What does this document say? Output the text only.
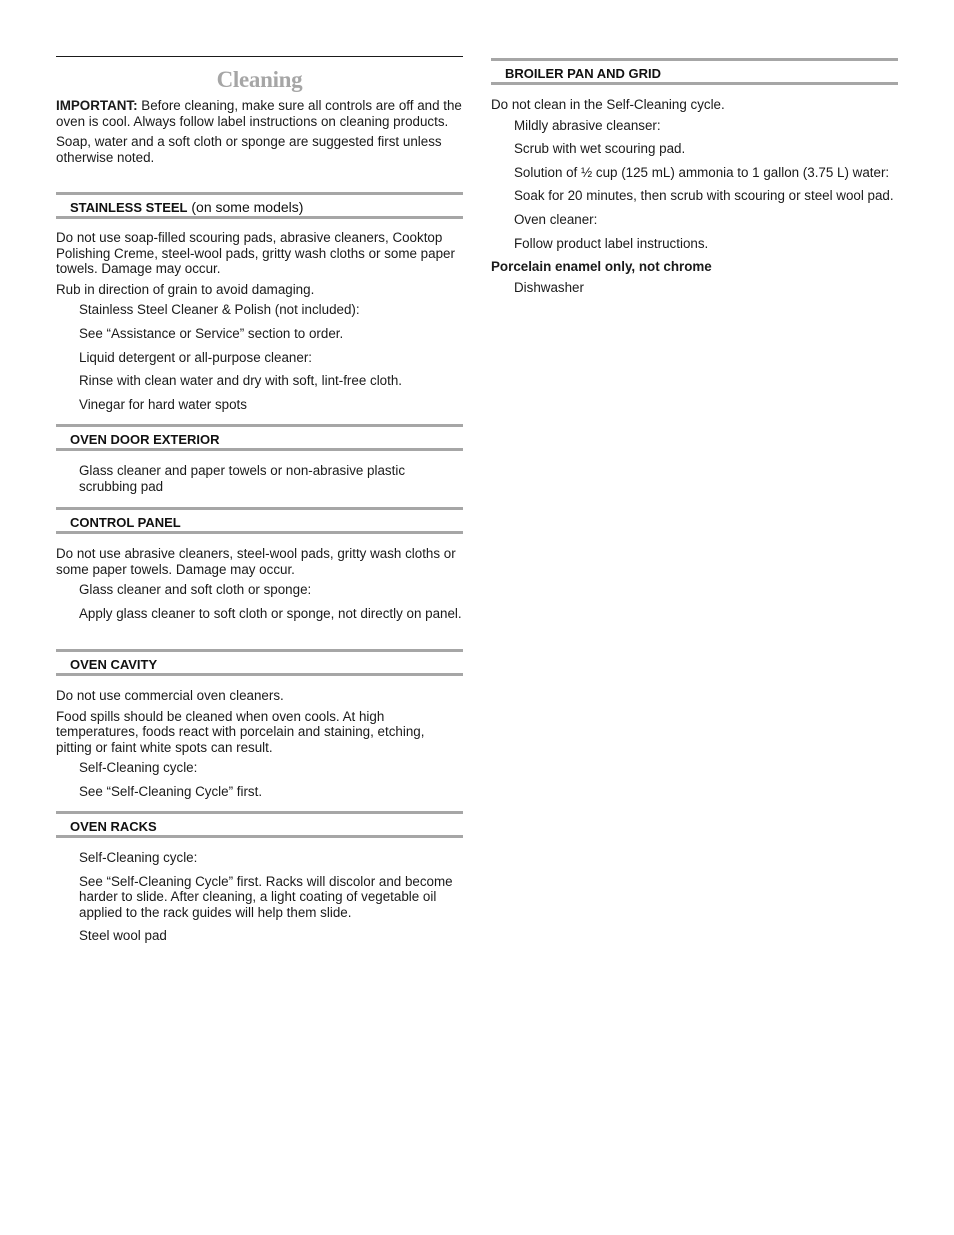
Cleaning

IMPORTANT: Before cleaning, make sure all controls are off and the oven is cool. Always follow label instructions on cleaning products.

Soap, water and a soft cloth or sponge are suggested first unless otherwise noted.

STAINLESS STEEL (on some models)

Do not use soap-filled scouring pads, abrasive cleaners, Cooktop Polishing Creme, steel-wool pads, gritty wash cloths or some paper towels. Damage may occur.

Rub in direction of grain to avoid damaging.

Stainless Steel Cleaner & Polish (not included):

See “Assistance or Service” section to order.

Liquid detergent or all-purpose cleaner:

Rinse with clean water and dry with soft, lint-free cloth.

Vinegar for hard water spots

OVEN DOOR EXTERIOR

Glass cleaner and paper towels or non-abrasive plastic scrubbing pad

CONTROL PANEL

Do not use abrasive cleaners, steel-wool pads, gritty wash cloths or some paper towels. Damage may occur.

Glass cleaner and soft cloth or sponge:

Apply glass cleaner to soft cloth or sponge, not directly on panel.

OVEN CAVITY

Do not use commercial oven cleaners.

Food spills should be cleaned when oven cools. At high temperatures, foods react with porcelain and staining, etching, pitting or faint white spots can result.

Self-Cleaning cycle:

See “Self-Cleaning Cycle” first.

OVEN RACKS

Self-Cleaning cycle:

See “Self-Cleaning Cycle” first. Racks will discolor and become harder to slide. After cleaning, a light coating of vegetable oil applied to the rack guides will help them slide.

Steel wool pad

BROILER PAN AND GRID

Do not clean in the Self-Cleaning cycle.

Mildly abrasive cleanser:

Scrub with wet scouring pad.

Solution of ½ cup (125 mL) ammonia to 1 gallon (3.75 L) water:

Soak for 20 minutes, then scrub with scouring or steel wool pad.

Oven cleaner:

Follow product label instructions.

Porcelain enamel only, not chrome

Dishwasher
